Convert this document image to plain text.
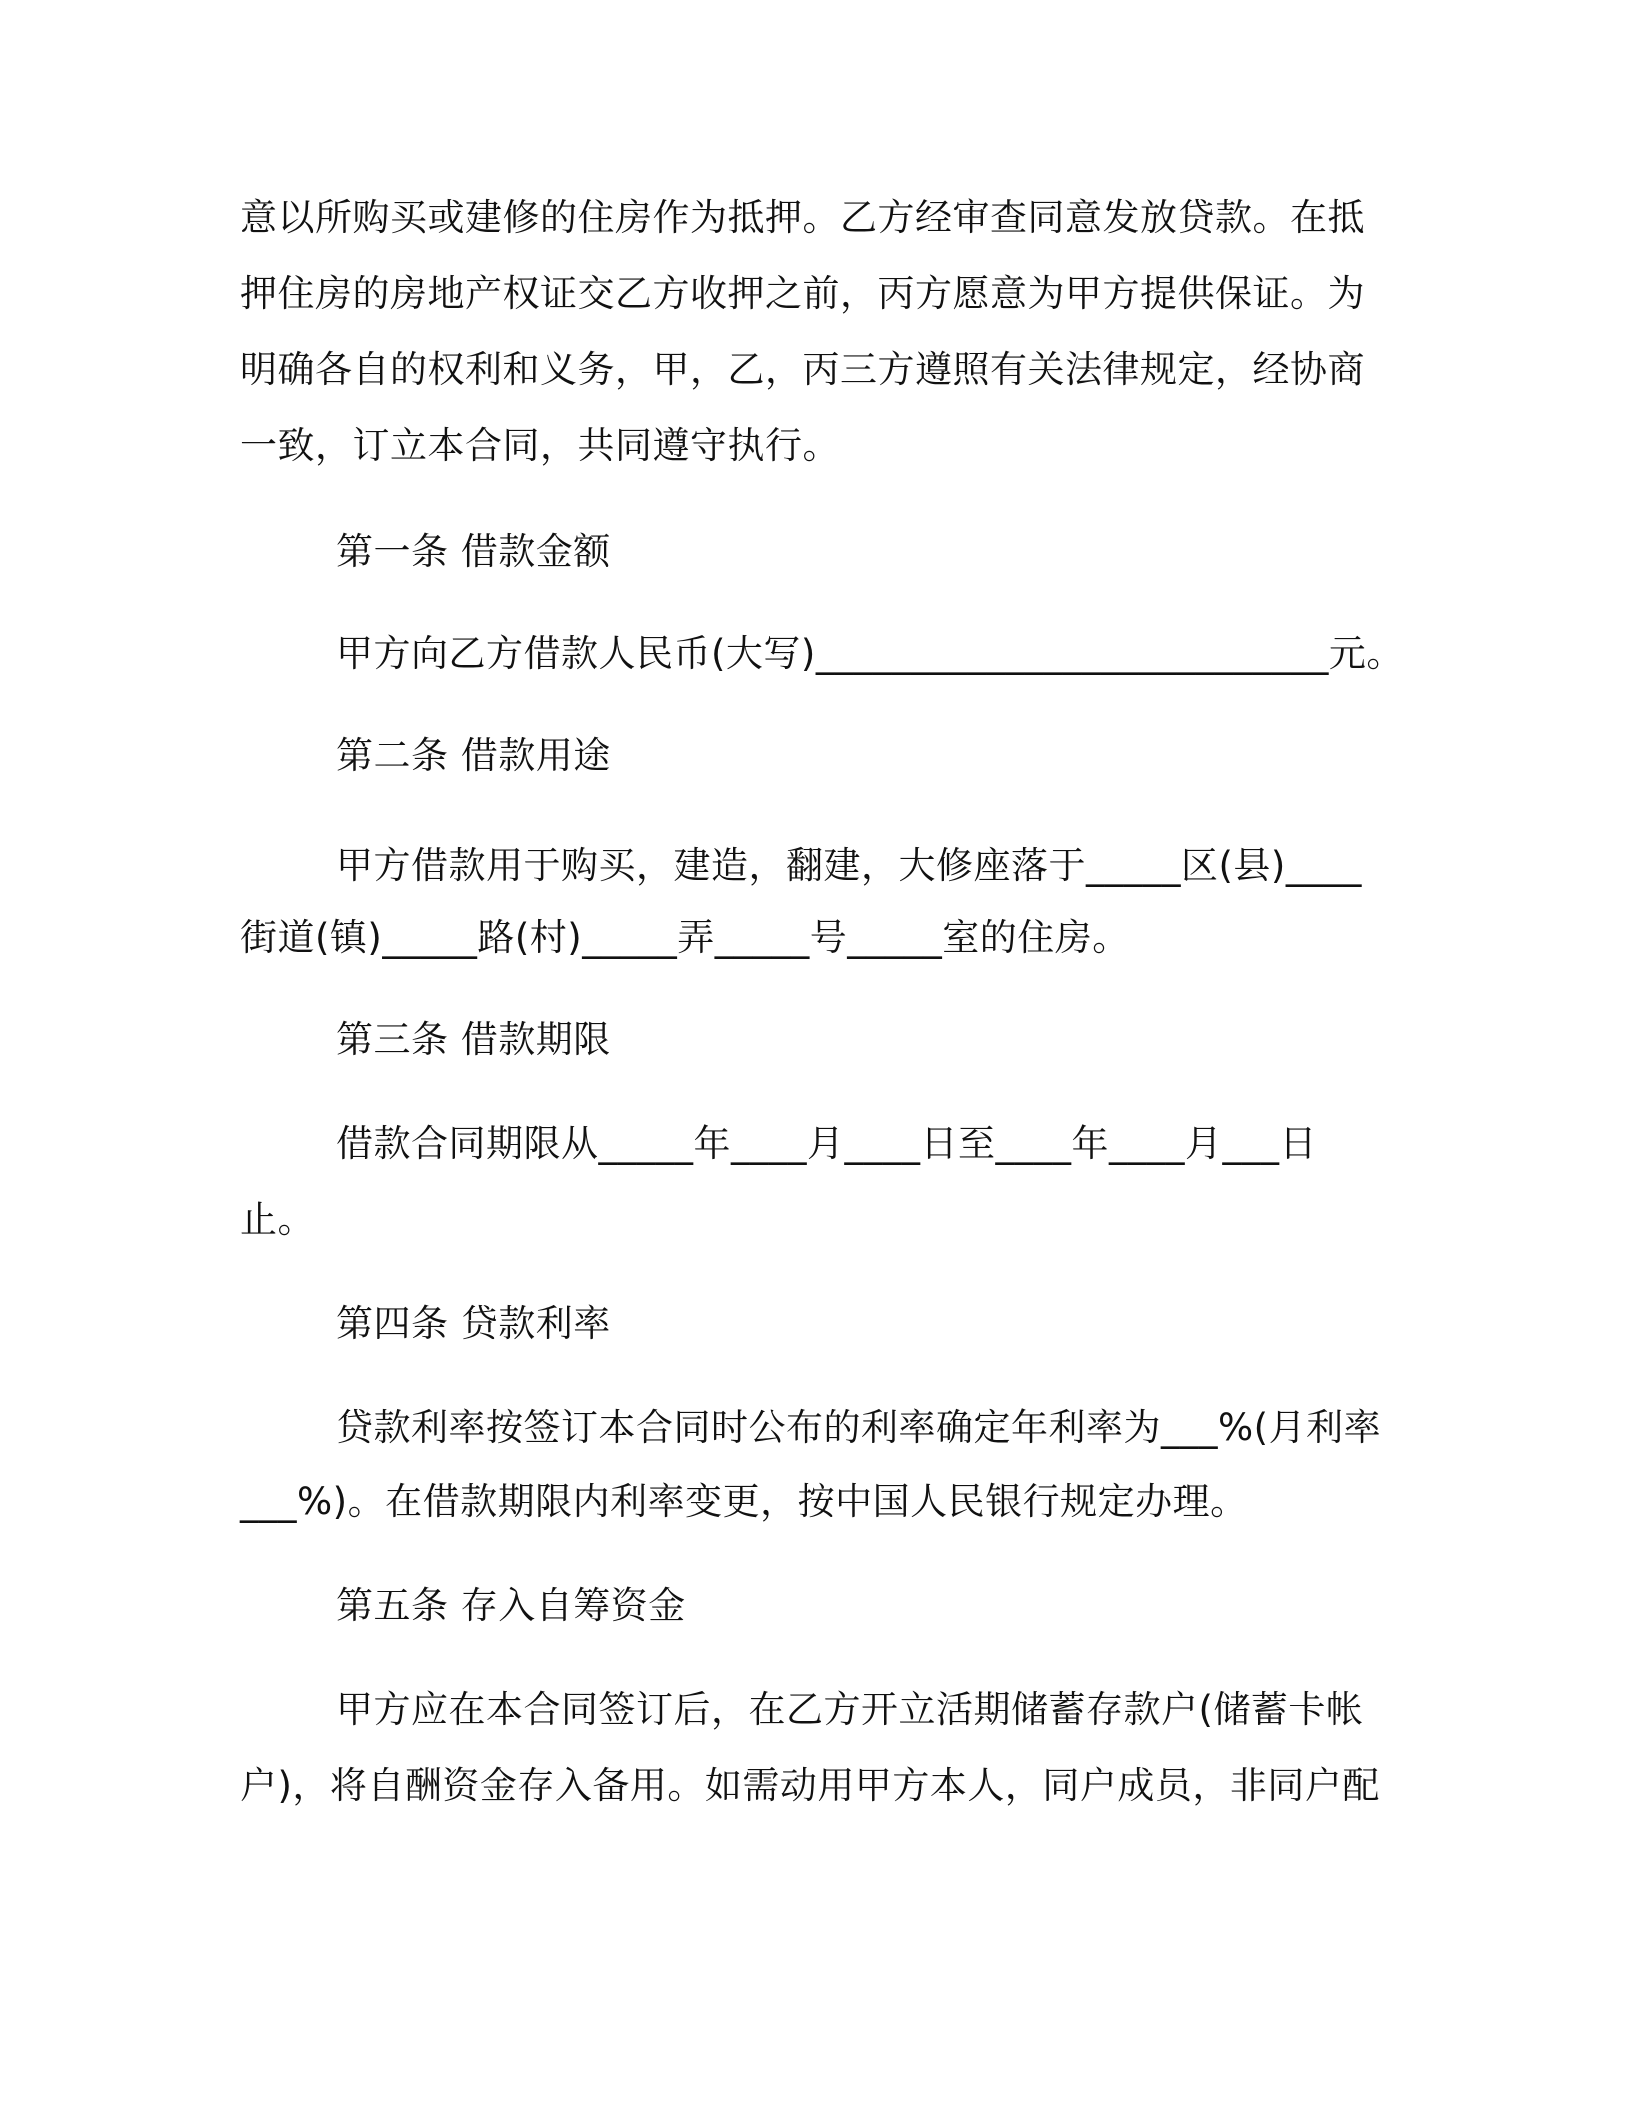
意以所购买或建修的住房作为抵押。乙方经审查同意发放贷款。在抵
押住房的房地产权证交乙方收押之前，丙方愿意为甲方提供保证。为
明确各自的权利和义务，甲，乙，丙三方遵照有关法律规定，经协商
一致，订立本合同，共同遵守执行。
第一条 借款金额
甲方向乙方借款人民币(大写)___________________________元。
第二条 借款用途
甲方借款用于购买，建造，翻建，大修座落于_____区(县)____
街道(镇)_____路(村)_____弄_____号_____室的住房。
第三条 借款期限
借款合同期限从_____年____月____日至____年____月___日
止。
第四条 贷款利率
贷款利率按签订本合同时公布的利率确定年利率为___%(月利率
___%)。在借款期限内利率变更，按中国人民银行规定办理。
第五条 存入自筹资金
甲方应在本合同签订后，在乙方开立活期储蓄存款户(储蓄卡帐
户)，将自酬资金存入备用。如需动用甲方本人，同户成员，非同户配
